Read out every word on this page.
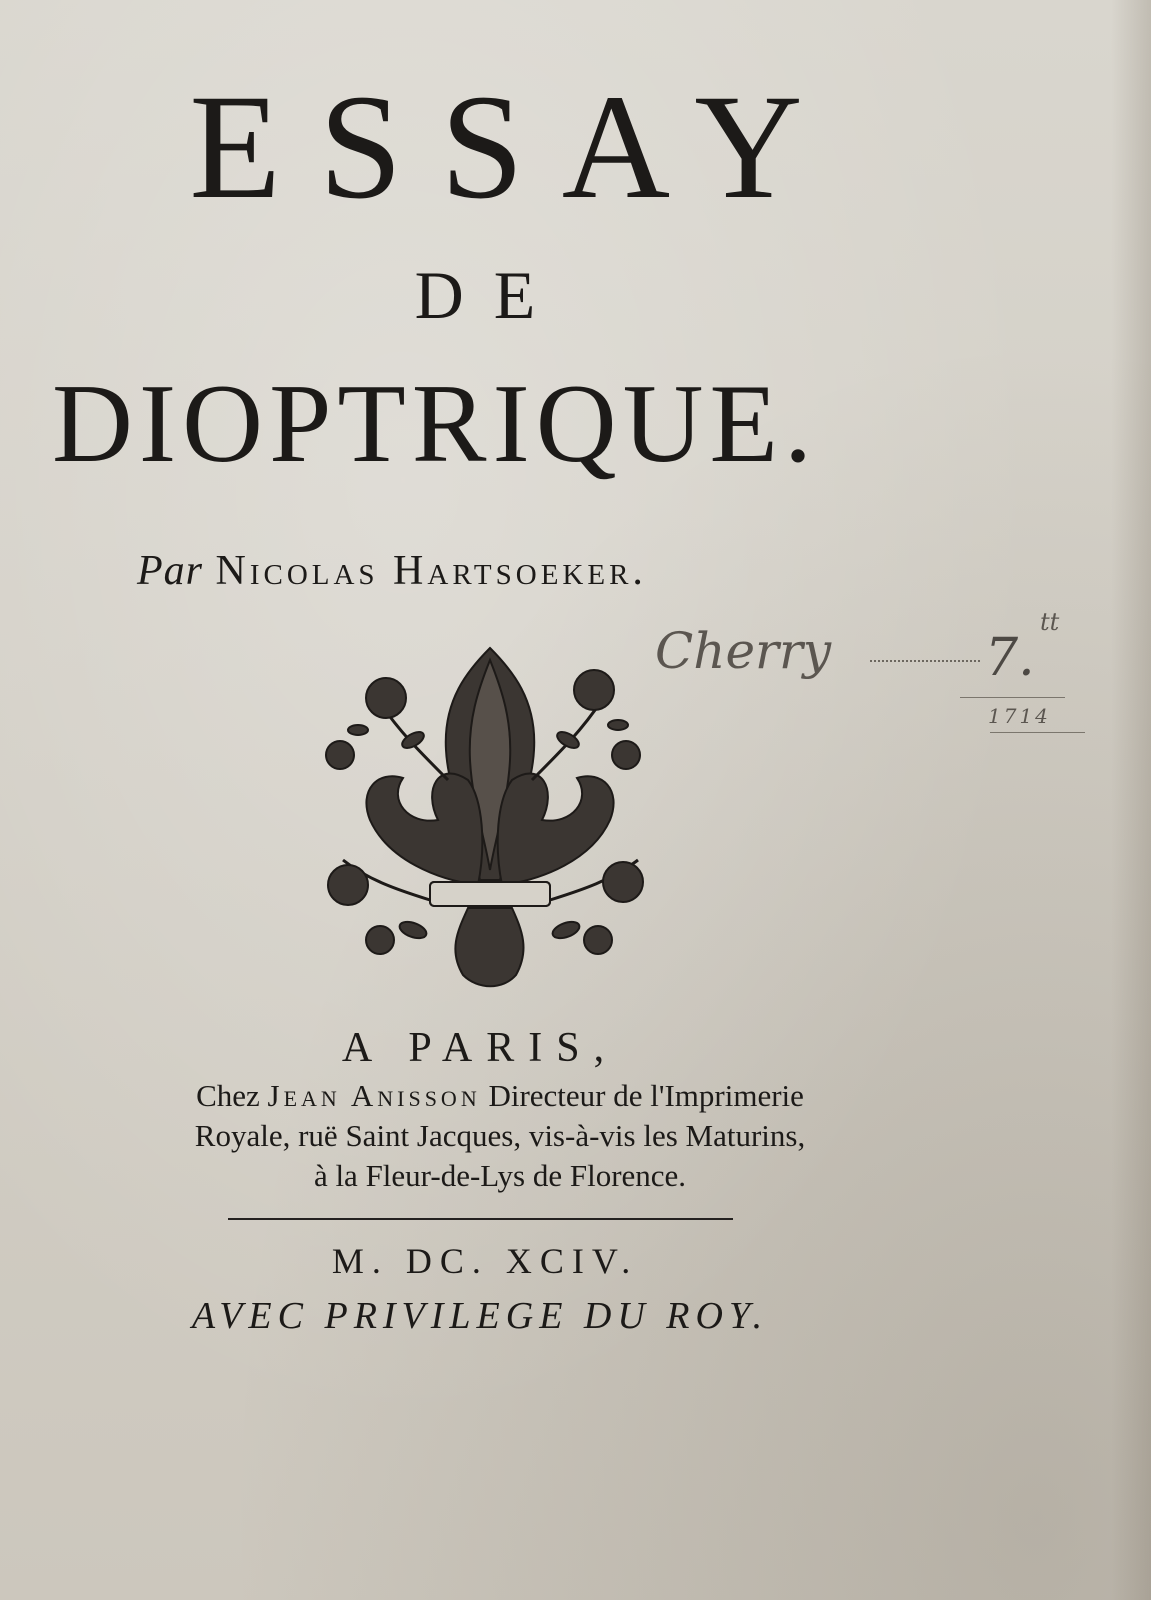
ESSAY
DE
DIOPTRIQUE.
Par Nicolas Hartsoeker.
Cherry	7.
tt
1714
A PARIS,
Chez Jean Anisson Directeur de l'Imprimerie
Royale, ruë Saint Jacques, vis-à-vis les Maturins,
à la Fleur-de-Lys de Florence.
M. DC. XCIV.
AVEC PRIVILEGE DU ROY.
